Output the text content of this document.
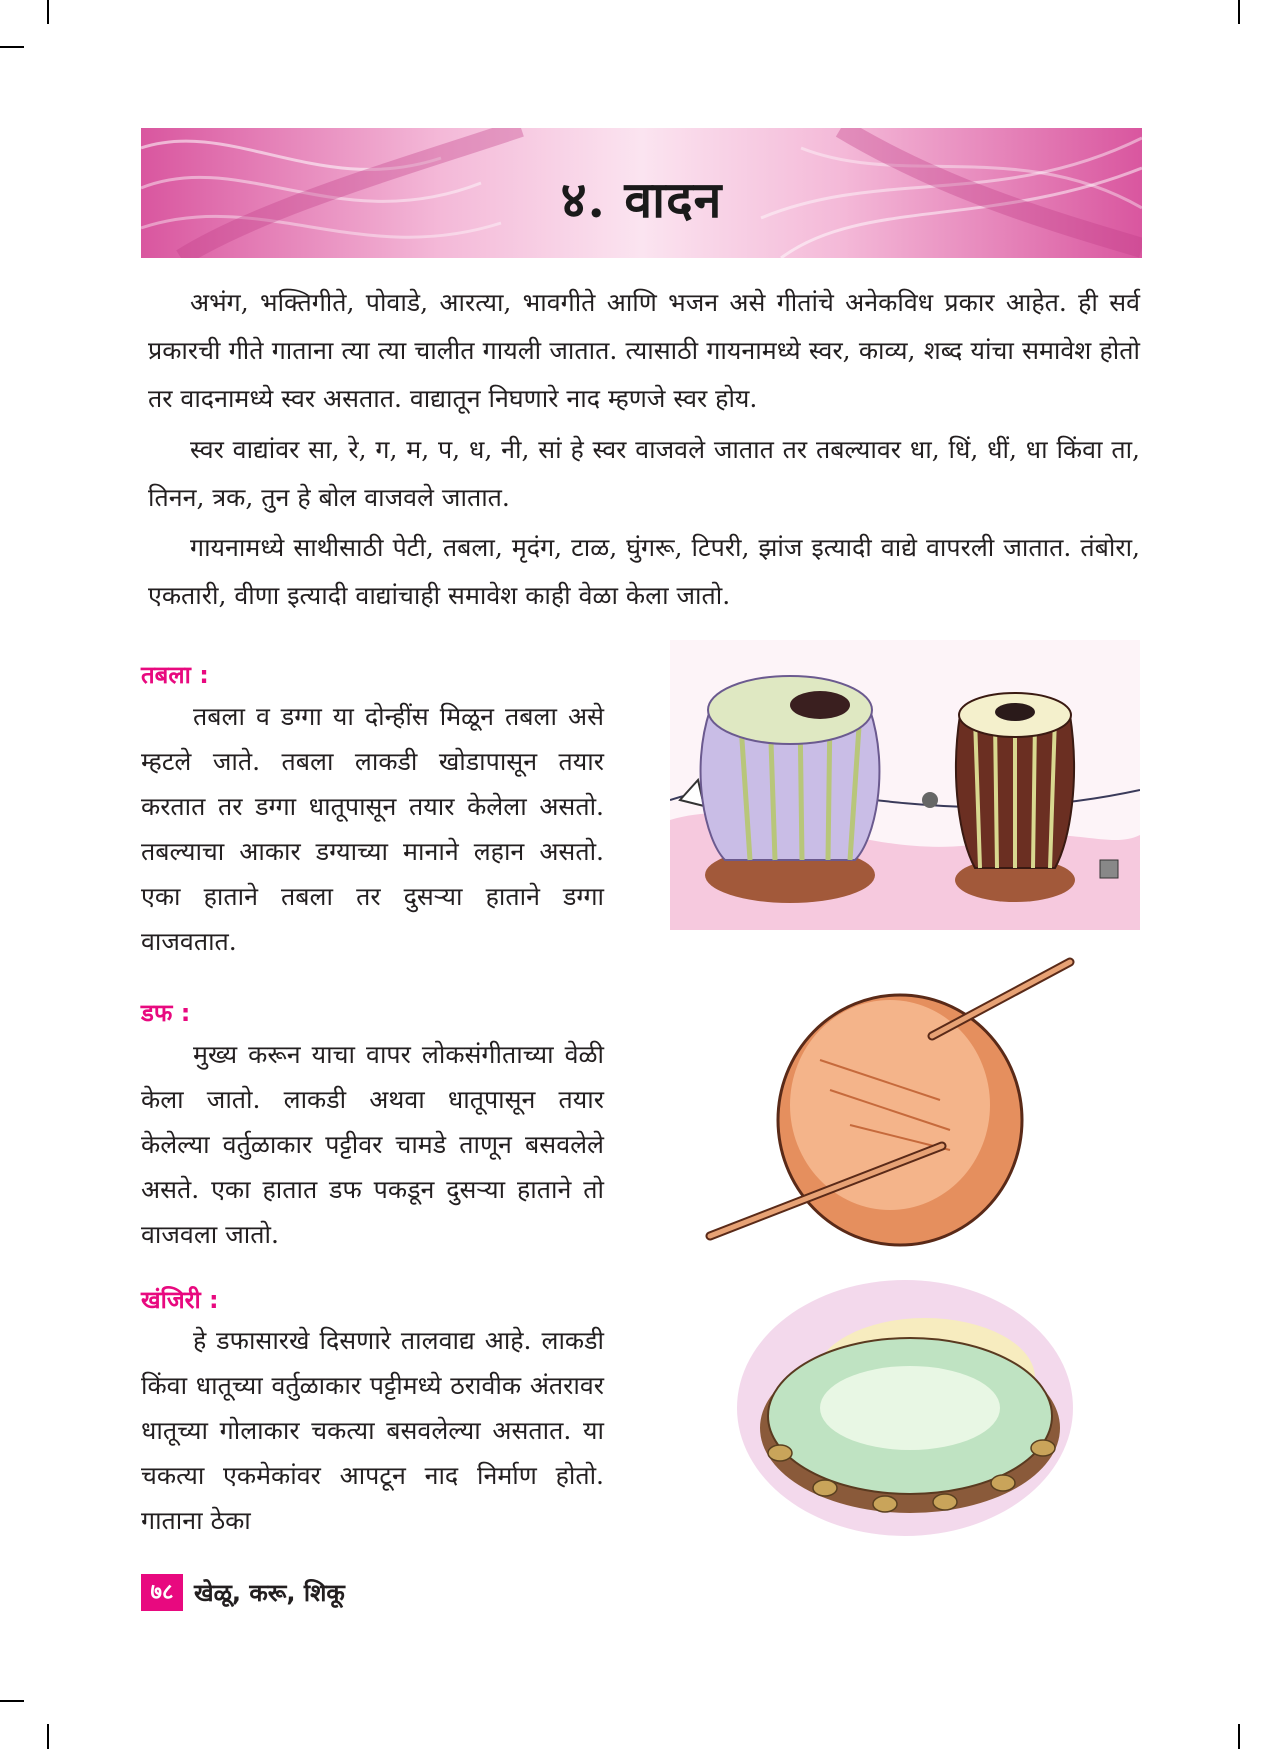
४. वादन

अभंग, भक्तिगीते, पोवाडे, आरत्या, भावगीते आणि भजन असे गीतांचे अनेकविध प्रकार आहेत. ही सर्व प्रकारची गीते गाताना त्या त्या चालीत गायली जातात. त्यासाठी गायनामध्ये स्वर, काव्य, शब्द यांचा समावेश होतो तर वादनामध्ये स्वर असतात. वाद्यातून निघणारे नाद म्हणजे स्वर होय.

स्वर वाद्यांवर सा, रे, ग, म, प, ध, नी, सां हे स्वर वाजवले जातात तर तबल्यावर धा, धिं, धीं, धा किंवा ता, तिनन, त्रक, तुन हे बोल वाजवले जातात.

गायनामध्ये साथीसाठी पेटी, तबला, मृदंग, टाळ, घुंगरू, टिपरी, झांज इत्यादी वाद्ये वापरली जातात. तंबोरा, एकतारी, वीणा इत्यादी वाद्यांचाही समावेश काही वेळा केला जातो.

तबला :

तबला व डग्गा या दोन्हींस मिळून तबला असे म्हटले जाते. तबला लाकडी खोडापासून तयार करतात तर डग्गा धातूपासून तयार केलेला असतो. तबल्याचा आकार डग्याच्या मानाने लहान असतो. एका हाताने तबला तर दुसऱ्या हाताने डग्गा वाजवतात.

डफ :

मुख्य करून याचा वापर लोकसंगीताच्या वेळी केला जातो. लाकडी अथवा धातूपासून तयार केलेल्या वर्तुळाकार पट्टीवर चामडे ताणून बसवलेले असते. एका हातात डफ पकडून दुसऱ्या हाताने तो वाजवला जातो.

खंजिरी :

हे डफासारखे दिसणारे तालवाद्य आहे. लाकडी किंवा धातूच्या वर्तुळाकार पट्टीमध्ये ठरावीक अंतरावर धातूच्या गोलाकार चकत्या बसवलेल्या असतात. या चकत्या एकमेकांवर आपटून नाद निर्माण होतो. गाताना ठेका

७८ खेळू, करू, शिकू
